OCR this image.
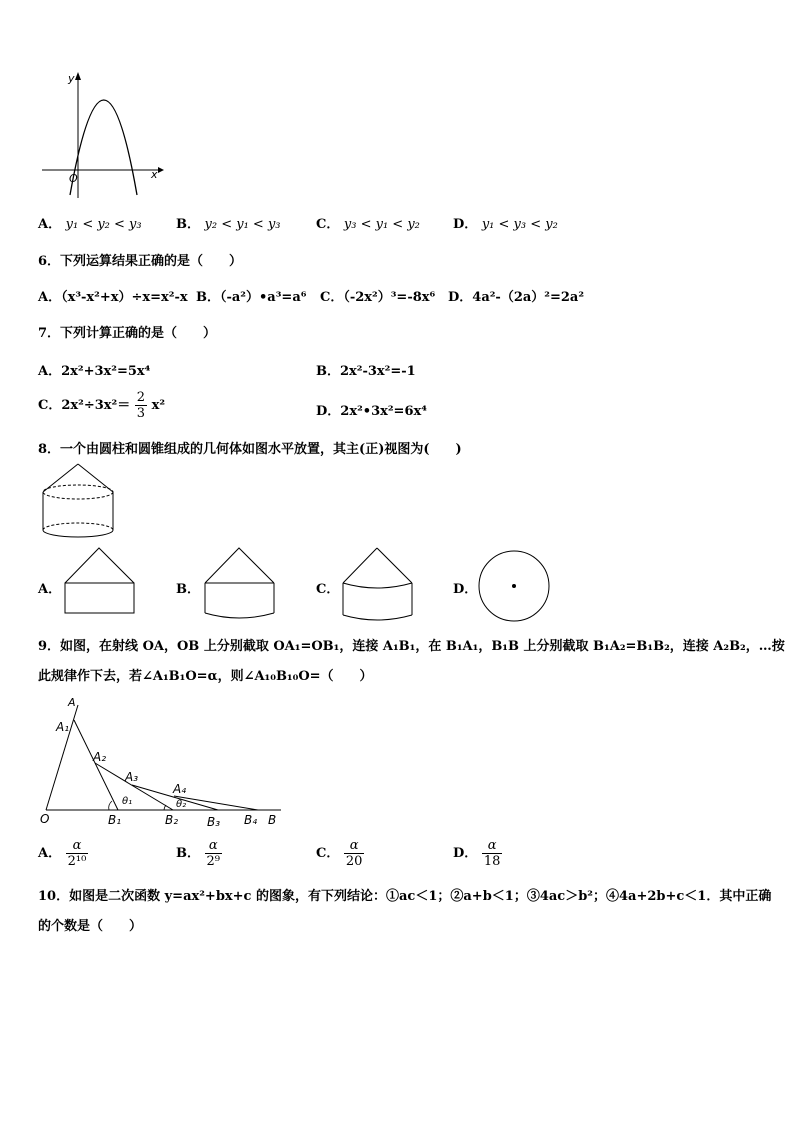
y
O	x
A． y₁ < y₂ < y₃	B． y₂ < y₁ < y₃	C． y₃ < y₁ < y₂	D． y₁ < y₃ < y₂
6．下列运算结果正确的是（　　）
A．（x³-x²+x）÷x=x²-x B．（-a²）•a³=a⁶ C．（-2x²）³=-8x⁶ D．4a²-（2a）²=2a²
7．下列计算正确的是（　　）
A．2x²+3x²=5x⁴	B．2x²-3x²=-1
C．$2x^2\div 3x^2= \frac{2}{3} x^2$	D．2x²•3x²=6x⁴
8．一个由圆柱和圆锥组成的几何体如图水平放置，其主(正)视图为(　　)
A．	B．	C．	D．
9．如图，在射线 OA，OB 上分别截取 OA₁=OB₁，连接 A₁B₁，在 B₁A₁，B₁B 上分别截取 B₁A₂=B₁B₂，连接 A₂B₂，…按
此规律作下去，若∠A₁B₁O=α，则∠A₁₀B₁₀O=（　　）
A
A₁
A₂
A₃
A₄
O	B₁	B₂ B₃ B₄ B
θ₁	θ₂
A． $\frac{\alpha}{\text{2¹⁰}}$	B． $\frac{\alpha}{\text{2⁹}}$	C． $\frac{\alpha}{20}$	D． $\frac{\alpha}{18}$
10．如图是二次函数 y=ax²+bx+c 的图象，有下列结论：①ac＜1；②a+b＜1；③4ac＞b²；④4a+2b+c＜1．其中正确
的个数是（　　）
